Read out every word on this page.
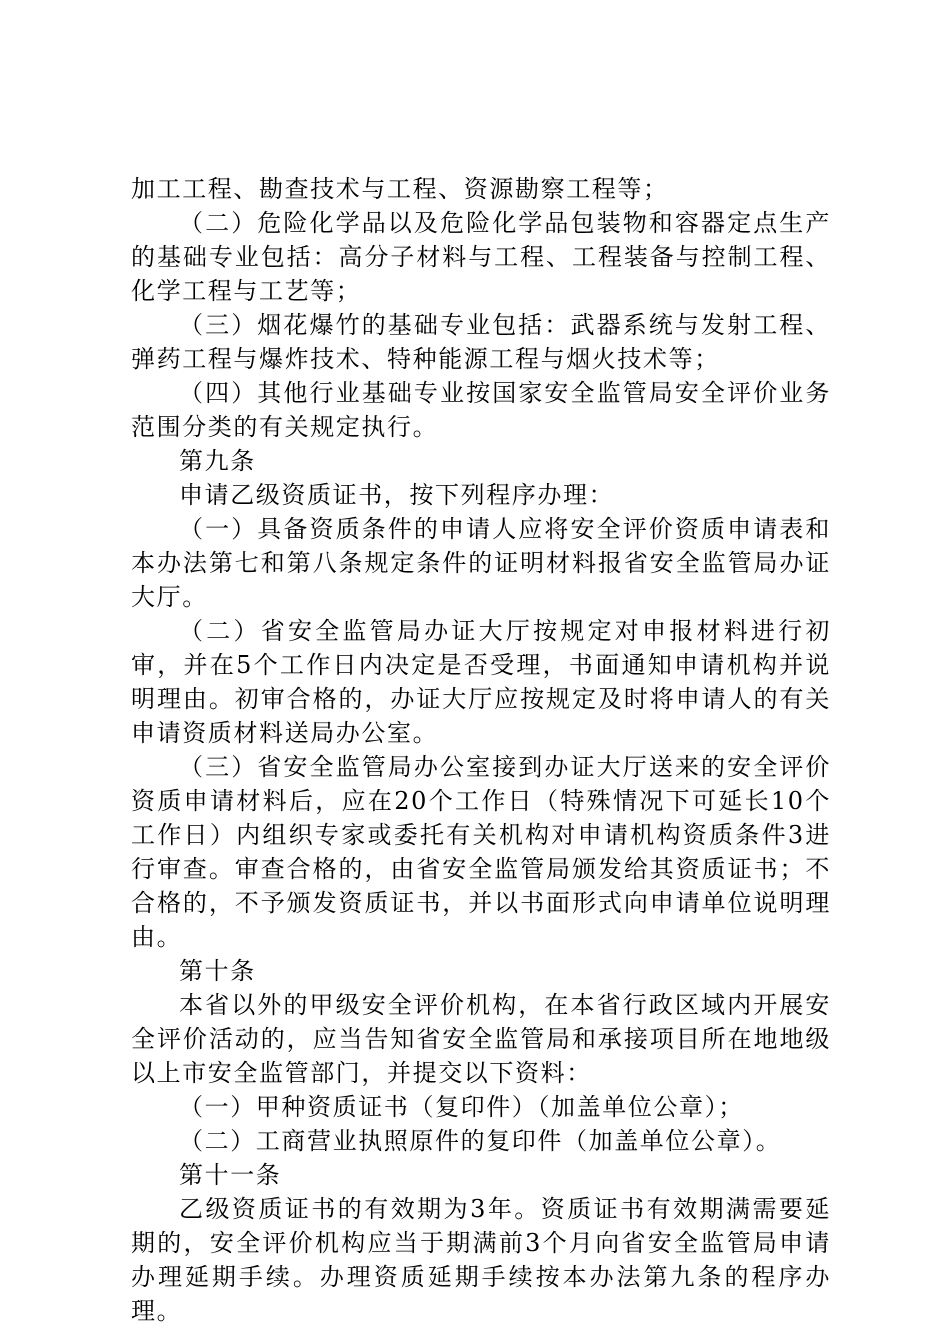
加工工程、勘查技术与工程、资源勘察工程等；

（二）危险化学品以及危险化学品包装物和容器定点生产的基础专业包括：高分子材料与工程、工程装备与控制工程、化学工程与工艺等；

（三）烟花爆竹的基础专业包括：武器系统与发射工程、弹药工程与爆炸技术、特种能源工程与烟火技术等；

（四）其他行业基础专业按国家安全监管局安全评价业务范围分类的有关规定执行。

第九条

申请乙级资质证书，按下列程序办理：

（一）具备资质条件的申请人应将安全评价资质申请表和本办法第七和第八条规定条件的证明材料报省安全监管局办证大厅。

（二）省安全监管局办证大厅按规定对申报材料进行初审，并在5个工作日内决定是否受理，书面通知申请机构并说明理由。初审合格的，办证大厅应按规定及时将申请人的有关申请资质材料送局办公室。

（三）省安全监管局办公室接到办证大厅送来的安全评价资质申请材料后，应在20个工作日（特殊情况下可延长10个工作日）内组织专家或委托有关机构对申请机构资质条件3进行审查。审查合格的，由省安全监管局颁发给其资质证书；不合格的，不予颁发资质证书，并以书面形式向申请单位说明理由。

第十条

本省以外的甲级安全评价机构，在本省行政区域内开展安全评价活动的，应当告知省安全监管局和承接项目所在地地级以上市安全监管部门，并提交以下资料：

（一）甲种资质证书（复印件）（加盖单位公章）；

（二）工商营业执照原件的复印件（加盖单位公章）。

第十一条

乙级资质证书的有效期为3年。资质证书有效期满需要延期的，安全评价机构应当于期满前3个月向省安全监管局申请办理延期手续。办理资质延期手续按本办法第九条的程序办理。
